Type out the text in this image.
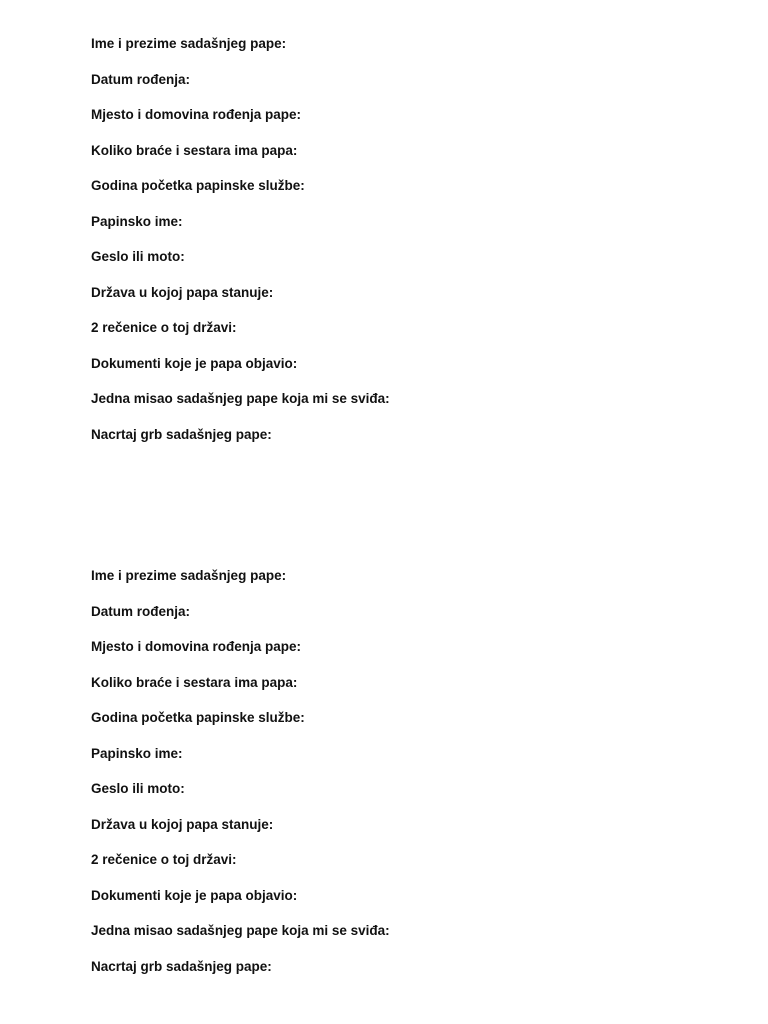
Ime i prezime sadašnjeg pape:
Datum rođenja:
Mjesto i domovina rođenja pape:
Koliko braće i sestara ima papa:
Godina početka papinske službe:
Papinsko ime:
Geslo ili moto:
Država u kojoj papa stanuje:
2 rečenice o toj državi:
Dokumenti koje je papa objavio:
Jedna misao sadašnjeg pape koja mi se sviđa:
Nacrtaj grb sadašnjeg pape:
Ime i prezime sadašnjeg pape:
Datum rođenja:
Mjesto i domovina rođenja pape:
Koliko braće i sestara ima papa:
Godina početka papinske službe:
Papinsko ime:
Geslo ili moto:
Država u kojoj papa stanuje:
2 rečenice o toj državi:
Dokumenti koje je papa objavio:
Jedna misao sadašnjeg pape koja mi se sviđa:
Nacrtaj grb sadašnjeg pape:
